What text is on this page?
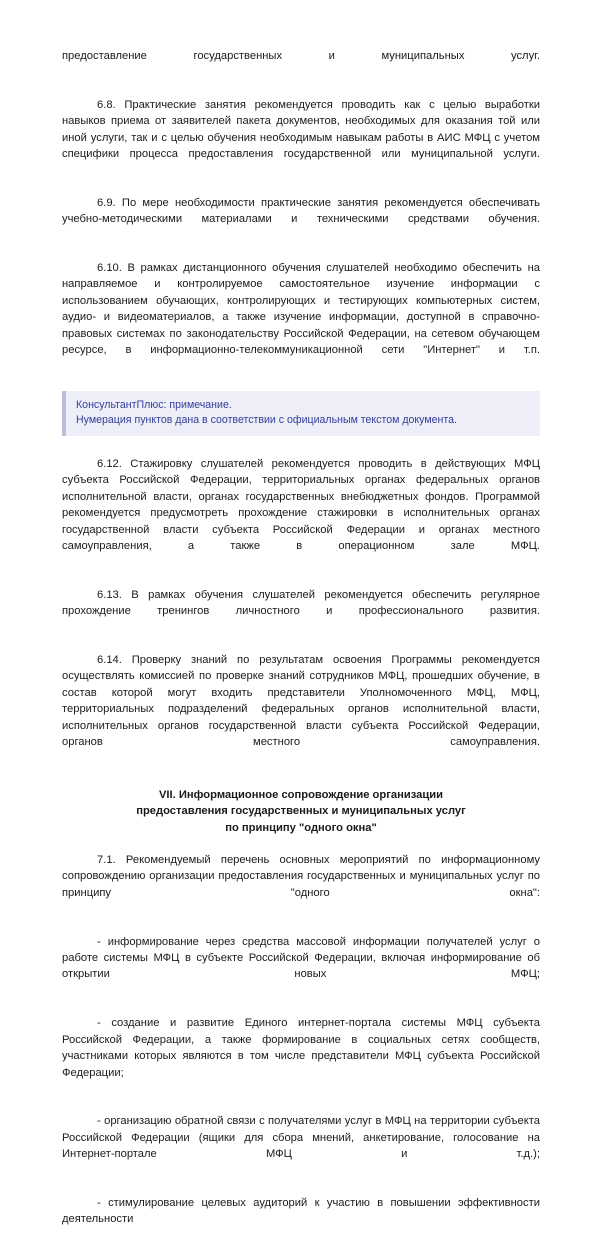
предоставление государственных и муниципальных услуг.

6.8. Практические занятия рекомендуется проводить как с целью выработки навыков приема от заявителей пакета документов, необходимых для оказания той или иной услуги, так и с целью обучения необходимым навыкам работы в АИС МФЦ с учетом специфики процесса предоставления государственной или муниципальной услуги.

6.9. По мере необходимости практические занятия рекомендуется обеспечивать учебно-методическими материалами и техническими средствами обучения.

6.10. В рамках дистанционного обучения слушателей необходимо обеспечить на направляемое и контролируемое самостоятельное изучение информации с использованием обучающих, контролирующих и тестирующих компьютерных систем, аудио- и видеоматериалов, а также изучение информации, доступной в справочно-правовых системах по законодательству Российской Федерации, на сетевом обучающем ресурсе, в информационно-телекоммуникационной сети "Интернет" и т.п.

КонсультантПлюс: примечание.

Нумерация пунктов дана в соответствии с официальным текстом документа.

6.12. Стажировку слушателей рекомендуется проводить в действующих МФЦ субъекта Российской Федерации, территориальных органах федеральных органов исполнительной власти, органах государственных внебюджетных фондов. Программой рекомендуется предусмотреть прохождение стажировки в исполнительных органах государственной власти субъекта Российской Федерации и органах местного самоуправления, а также в операционном зале МФЦ.

6.13. В рамках обучения слушателей рекомендуется обеспечить регулярное прохождение тренингов личностного и профессионального развития.

6.14. Проверку знаний по результатам освоения Программы рекомендуется осуществлять комиссией по проверке знаний сотрудников МФЦ, прошедших обучение, в состав которой могут входить представители Уполномоченного МФЦ, МФЦ, территориальных подразделений федеральных органов исполнительной власти, исполнительных органов государственной власти субъекта Российской Федерации, органов местного самоуправления.

VII. Информационное сопровождение организации
предоставления государственных и муниципальных услуг
по принципу "одного окна"

7.1. Рекомендуемый перечень основных мероприятий по информационному сопровождению организации предоставления государственных и муниципальных услуг по принципу "одного окна":

- информирование через средства массовой информации получателей услуг о работе системы МФЦ в субъекте Российской Федерации, включая информирование об открытии новых МФЦ;

- создание и развитие Единого интернет-портала системы МФЦ субъекта Российской Федерации, а также формирование в социальных сетях сообществ, участниками которых являются в том числе представители МФЦ субъекта Российской Федерации;

- организацию обратной связи с получателями услуг в МФЦ на территории субъекта Российской Федерации (ящики для сбора мнений, анкетирование, голосование на Интернет-портале МФЦ и т.д.);

- стимулирование целевых аудиторий к участию в повышении эффективности деятельности
